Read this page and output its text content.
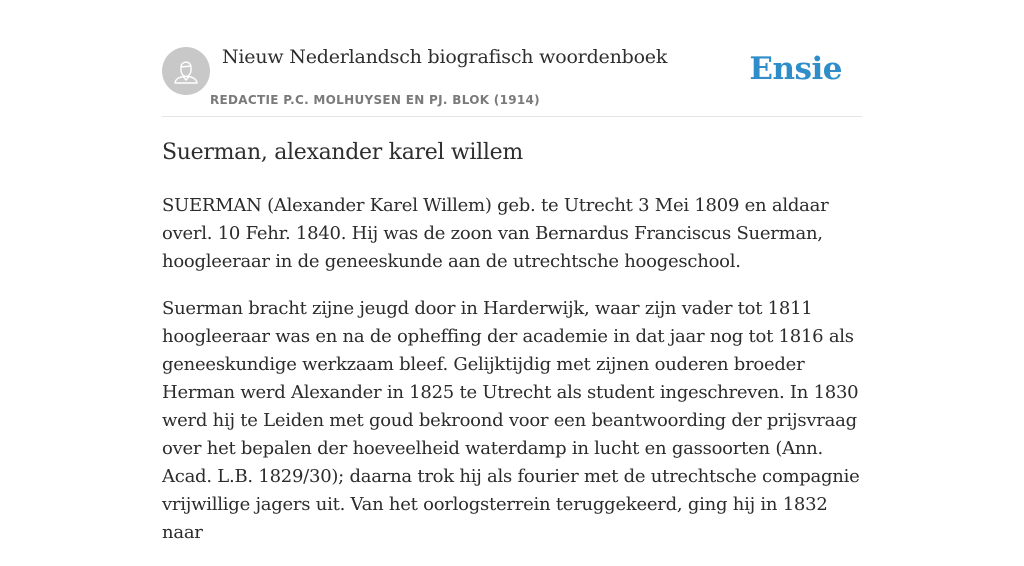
Nieuw Nederlandsch biografisch woordenboek
REDACTIE P.C. MOLHUYSEN EN PJ. BLOK (1914)
Ensie
Suerman, alexander karel willem

SUERMAN (Alexander Karel Willem) geb. te Utrecht 3 Mei 1809 en aldaar overl. 10 Fehr. 1840. Hij was de zoon van Bernardus Franciscus Suerman, hoogleeraar in de geneeskunde aan de utrechtsche hoogeschool.

Suerman bracht zijne jeugd door in Harderwijk, waar zijn vader tot 1811 hoogleeraar was en na de opheffing der academie in dat jaar nog tot 1816 als geneeskundige werkzaam bleef. Gelijktijdig met zijnen ouderen broeder Herman werd Alexander in 1825 te Utrecht als student ingeschreven. In 1830 werd hij te Leiden met goud bekroond voor een beantwoording der prijsvraag over het bepalen der hoeveelheid waterdamp in lucht en gassoorten (Ann. Acad. L.B. 1829/30); daarna trok hij als fourier met de utrechtsche compagnie vrijwillige jagers uit. Van het oorlogsterrein teruggekeerd, ging hij in 1832 naar
